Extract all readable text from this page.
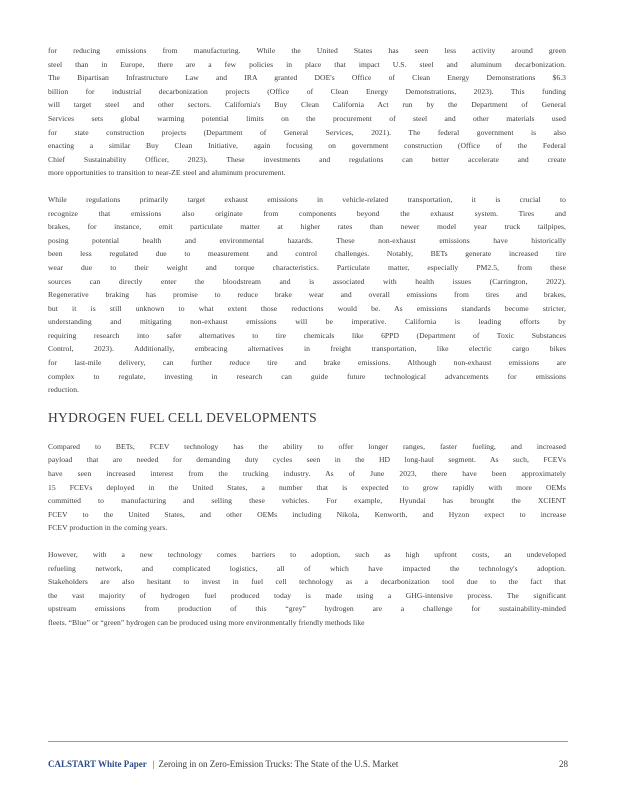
for reducing emissions from manufacturing. While the United States has seen less activity around green
steel than in Europe, there are a few policies in place that impact U.S. steel and aluminum decarbonization.
The Bipartisan Infrastructure Law and IRA granted DOE's Office of Clean Energy Demonstrations $6.3
billion for industrial decarbonization projects (Office of Clean Energy Demonstrations, 2023). This funding
will target steel and other sectors. California's Buy Clean California Act run by the Department of General
Services sets global warming potential limits on the procurement of steel and other materials used
for state construction projects (Department of General Services, 2021). The federal government is also
enacting a similar Buy Clean Initiative, again focusing on government construction (Office of the Federal
Chief Sustainability Officer, 2023). These investments and regulations can better accelerate and create
more opportunities to transition to near-ZE steel and aluminum procurement.

While regulations primarily target exhaust emissions in vehicle-related transportation, it is crucial to
recognize that emissions also originate from components beyond the exhaust system. Tires and
brakes, for instance, emit particulate matter at higher rates than newer model year truck tailpipes,
posing potential health and environmental hazards. These non-exhaust emissions have historically
been less regulated due to measurement and control challenges. Notably, BETs generate increased tire
wear due to their weight and torque characteristics. Particulate matter, especially PM2.5, from these
sources can directly enter the bloodstream and is associated with health issues (Carrington, 2022).
Regenerative braking has promise to reduce brake wear and overall emissions from tires and brakes,
but it is still unknown to what extent those reductions would be. As emissions standards become stricter,
understanding and mitigating non-exhaust emissions will be imperative. California is leading efforts by
requiring research into safer alternatives to tire chemicals like 6PPD (Department of Toxic Substances
Control, 2023). Additionally, embracing alternatives in freight transportation, like electric cargo bikes
for last-mile delivery, can further reduce tire and brake emissions. Although non-exhaust emissions are
complex to regulate, investing in research can guide future technological advancements for emissions
reduction.

HYDROGEN FUEL CELL DEVELOPMENTS

Compared to BETs, FCEV technology has the ability to offer longer ranges, faster fueling, and increased
payload that are needed for demanding duty cycles seen in the HD long-haul segment. As such, FCEVs
have seen increased interest from the trucking industry. As of June 2023, there have been approximately
15 FCEVs deployed in the United States, a number that is expected to grow rapidly with more OEMs
committed to manufacturing and selling these vehicles. For example, Hyundai has brought the XCIENT
FCEV to the United States, and other OEMs including Nikola, Kenworth, and Hyzon expect to increase
FCEV production in the coming years.

However, with a new technology comes barriers to adoption, such as high upfront costs, an undeveloped
refueling network, and complicated logistics, all of which have impacted the technology's adoption.
Stakeholders are also hesitant to invest in fuel cell technology as a decarbonization tool due to the fact that
the vast majority of hydrogen fuel produced today is made using a GHG-intensive process. The significant
upstream emissions from production of this “grey” hydrogen are a challenge for sustainability-minded
fleets. “Blue” or “green” hydrogen can be produced using more environmentally friendly methods like

CALSTART White Paper | Zeroing in on Zero-Emission Trucks: The State of the U.S. Market	28
